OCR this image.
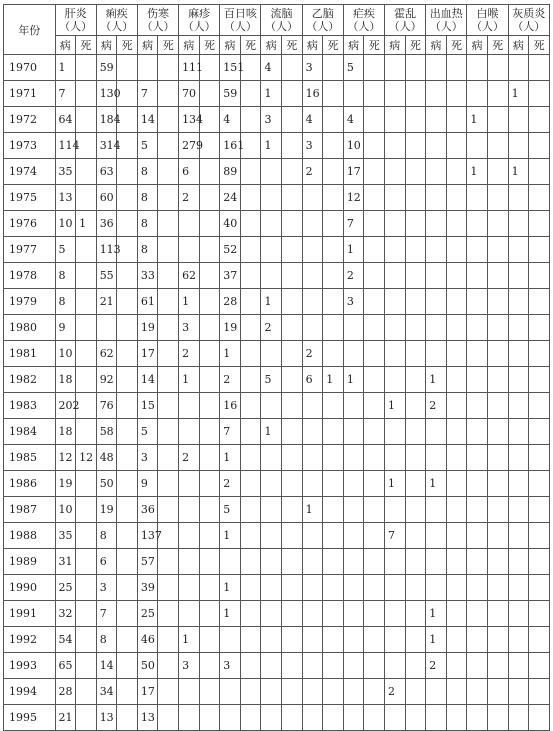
年份	肝炎（人）		痢疾（人）		伤寒（人）		麻疹（人）		百日咳（人）		流脑（人）		乙脑（人）		疟疾（人）		霍乱（人）		出血热（人）		白喉（人）		灰质炎（人）	
	病	死	病	死	病	死	病	死	病	死	病	死	病	死	病	死	病	死	病	死	病	死	病	死
1970	1		59				111		151		4		3		5									
1971	7		130		7		70		59		1		16										1	
1972	64		184		14		134		4		3		4		4						1			
1973	114		314		5		279		161		1		3		10									
1974	35		63		8		6		89				2		17						1		1	
1975	13		60		8		2		24						12									
1976	10	1	36		8				40						7									
1977	5		113		8				52						1									
1978	8		55		33		62		37						2									
1979	8		21		61		1		28		1				3									
1980	9				19		3		19		2													
1981	10		62		17		2		1				2											
1982	18		92		14		1		2		5		6	1	1				1					
1983	202		76		15				16								1		2					
1984	18		58		5				7		1													
1985	12	12	48		3		2		1															
1986	19		50		9				2								1		1					
1987	10		19		36				5				1											
1988	35		8		137				1								7							
1989	31		6		57																			
1990	25		3		39				1															
1991	32		7		25				1										1					
1992	54		8		46		1												1					
1993	65		14		50		3		3										2					
1994	28		34		17												2							
1995	21		13		13																			
